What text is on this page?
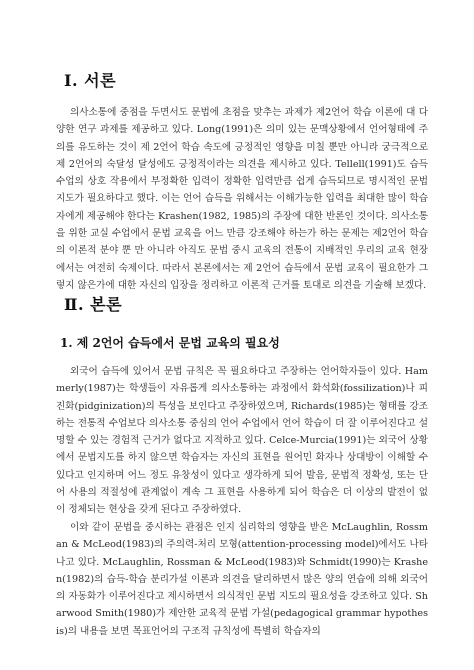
Ⅰ. 서론

의사소통에 중점을 두면서도 문법에 초점을 맞추는 과제가 제2언어 학습 이론에 대 다양한 연구 과제를 제공하고 있다. Long(1991)은 의미 있는 문맥상황에서 언어형태에 주의를 유도하는 것이 제 2언어 학습 속도에 긍정적인 영향을 미칠 뿐만 아니라 궁극적으로 제 2언어의 숙달성 달성에도 긍정적이라는 의견을 제시하고 있다. Tellell(1991)도 습득수업의 상호 작용에서 부정확한 입력이 정확한 입력만큼 쉽게 습득되므로 명시적인 문법 지도가 필요하다고 했다. 이는 언어 습득을 위해서는 이해가능한 입력을 최대한 많이 학습자에게 제공해야 한다는 Krashen(1982, 1985)의 주장에 대한 반론인 것이다. 의사소통을 위한 교실 수업에서 문법 교육을 어느 만큼 강조해야 하는가 하는 문제는 제2언어 학습의 이론적 분야 뿐 만 아니라 아직도 문법 중시 교육의 전통이 지배적인 우리의 교육 현장에서는 여전히 숙제이다. 따라서 본론에서는 제 2언어 습득에서 문법 교육이 필요한가 그렇지 않은가에 대한 자신의 입장을 정리하고 이론적 근거를 토대로 의견을 기술해 보겠다.

Ⅱ. 본론
1. 제 2언어 습득에서 문법 교육의 필요성

외국어 습득에 있어서 문법 규칙은 꼭 필요하다고 주장하는 언어학자들이 있다. Hammerly(1987)는 학생들이 자유롭게 의사소통하는 과정에서 화석화(fossilization)나 피진화(pidginization)의 특성을 보인다고 주장하였으며, Richards(1985)는 형태를 강조하는 전통적 수업보다 의사소통 중심의 언어 수업에서 언어 학습이 더 잘 이루어진다고 설명할 수 있는 경험적 근거가 없다고 지적하고 있다. Celce-Murcia(1991)는 외국어 상황에서 문법지도를 하지 않으면 학습자는 자신의 표현을 원어민 화자나 상대방이 이해할 수 있다고 인지하며 어느 정도 유창성이 있다고 생각하게 되어 발음, 문법적 정확성, 또는 단어 사용의 적절성에 관계없이 계속 그 표현을 사용하게 되어 학습은 더 이상의 발전이 없이 정체되는 현상을 갖게 된다고 주장하였다.

이와 같이 문법을 중시하는 관점은 인지 심리학의 영향을 받은 McLaughlin, Rossman & McLeod(1983)의 주의력-처리 모형(attention-processing model)에서도 나타나고 있다. McLaughlin, Rossman & McLeod(1983)와 Schmidt(1990)는 Krashen(1982)의 습득-학습 분리가설 이론과 의견을 달리하면서 많은 양의 연습에 의해 외국어의 자동화가 이루어진다고 제시하면서 의식적인 문법 지도의 필요성을 강조하고 있다. Sharwood Smith(1980)가 제안한 교육적 문법 가설(pedagogical grammar hypothesis)의 내용을 보면 목표언어의 구조적 규칙성에 특별히 학습자의
